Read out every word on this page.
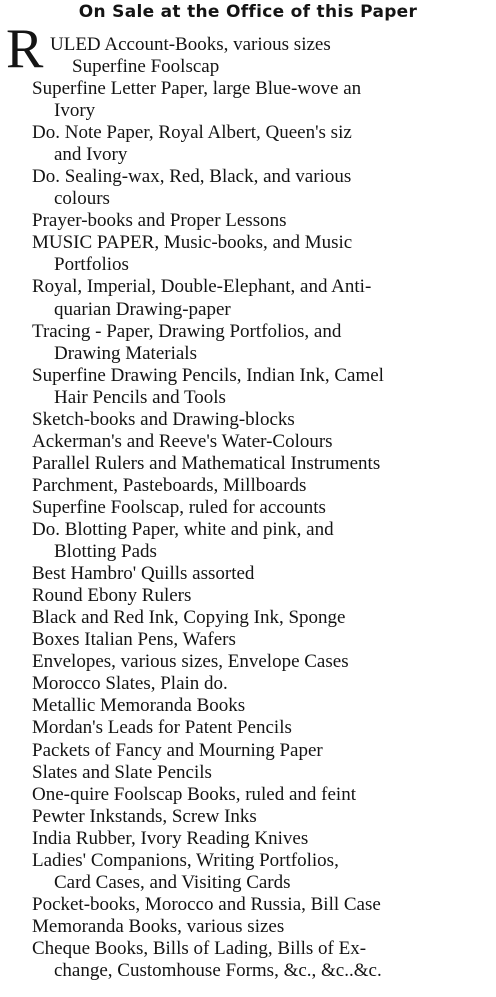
On Sale at the Office of this Paper
R ULED Account-Books, various sizes
Superfine Foolscap
Superfine Letter Paper, large Blue-wove an
Ivory
Do. Note Paper, Royal Albert, Queen's siz
and Ivory
Do. Sealing-wax, Red, Black, and various
colours
Prayer-books and Proper Lessons
MUSIC PAPER, Music-books, and Music
Portfolios
Royal, Imperial, Double-Elephant, and Anti-
quarian Drawing-paper
Tracing - Paper, Drawing Portfolios, and
Drawing Materials
Superfine Drawing Pencils, Indian Ink, Camel
Hair Pencils and Tools
Sketch-books and Drawing-blocks
Ackerman's and Reeve's Water-Colours
Parallel Rulers and Mathematical Instruments
Parchment, Pasteboards, Millboards
Superfine Foolscap, ruled for accounts
Do. Blotting Paper, white and pink, and
Blotting Pads
Best Hambro' Quills assorted
Round Ebony Rulers
Black and Red Ink, Copying Ink, Sponge
Boxes Italian Pens, Wafers
Envelopes, various sizes, Envelope Cases
Morocco Slates, Plain do.
Metallic Memoranda Books
Mordan's Leads for Patent Pencils
Packets of Fancy and Mourning Paper
Slates and Slate Pencils
One-quire Foolscap Books, ruled and feint
Pewter Inkstands, Screw Inks
India Rubber, Ivory Reading Knives
Ladies' Companions, Writing Portfolios,
Card Cases, and Visiting Cards
Pocket-books, Morocco and Russia, Bill Case
Memoranda Books, various sizes
Cheque Books, Bills of Lading, Bills of Ex-
change, Customhouse Forms, &c., &c..&c.
